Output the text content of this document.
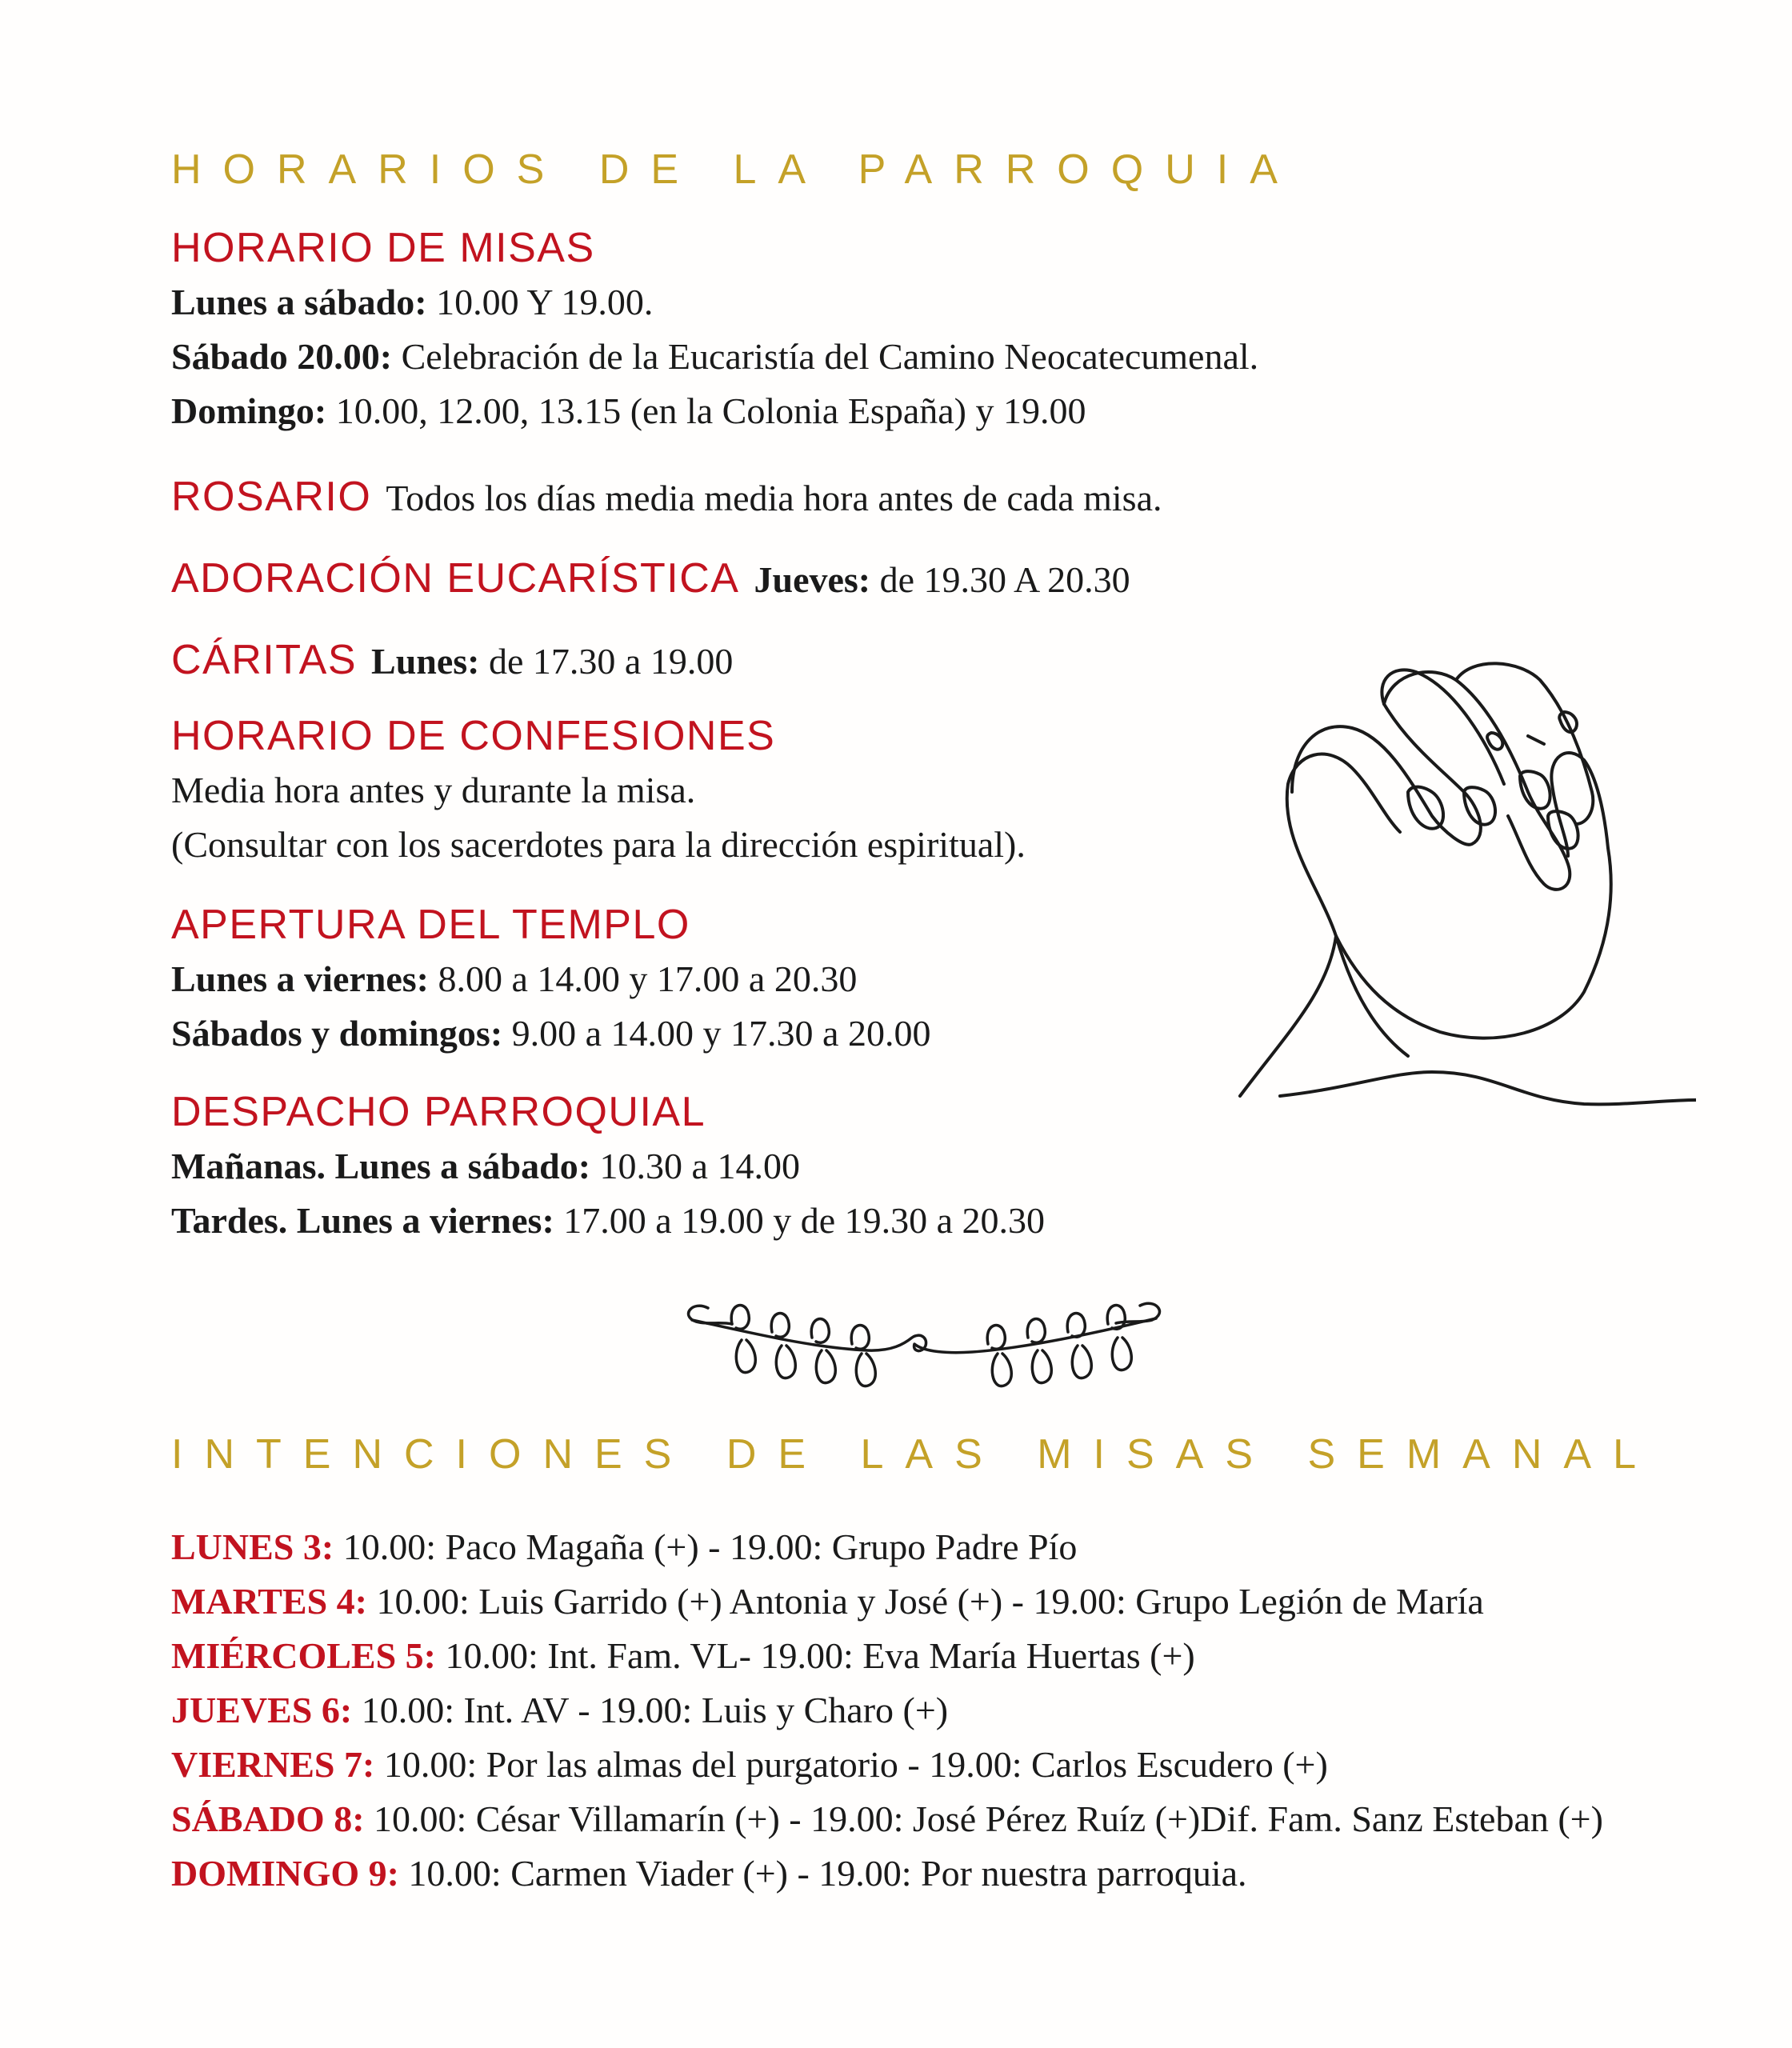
HORARIOS DE LA PARROQUIA
HORARIO DE MISAS
Lunes a sábado: 10.00 Y 19.00.
Sábado 20.00: Celebración de la Eucaristía del Camino Neocatecumenal.
Domingo: 10.00, 12.00, 13.15 (en la Colonia España) y 19.00
ROSARIO Todos los días media media hora antes de cada misa.
ADORACIÓN EUCARÍSTICA Jueves: de 19.30 A 20.30
CÁRITAS Lunes: de 17.30 a 19.00
HORARIO DE CONFESIONES
Media hora antes y durante la misa.
(Consultar con los sacerdotes para la dirección espiritual).
APERTURA DEL TEMPLO
Lunes a viernes: 8.00 a 14.00 y 17.00 a 20.30
Sábados y domingos: 9.00 a 14.00 y 17.30 a 20.00
DESPACHO PARROQUIAL
Mañanas. Lunes a sábado: 10.30 a 14.00
Tardes. Lunes a viernes: 17.00 a 19.00 y de 19.30 a 20.30
INTENCIONES DE LAS MISAS SEMANAL
LUNES 3: 10.00: Paco Magaña (+) - 19.00: Grupo Padre Pío
MARTES 4: 10.00: Luis Garrido (+) Antonia y José (+) - 19.00: Grupo Legión de María
MIÉRCOLES 5: 10.00: Int. Fam. VL- 19.00: Eva María Huertas (+)
JUEVES 6: 10.00: Int. AV - 19.00: Luis y Charo (+)
VIERNES 7: 10.00: Por las almas del purgatorio - 19.00: Carlos Escudero (+)
SÁBADO 8: 10.00: César Villamarín (+) - 19.00: José Pérez Ruíz (+)Dif. Fam. Sanz Esteban (+)
DOMINGO 9: 10.00: Carmen Viader (+) - 19.00: Por nuestra parroquia.
